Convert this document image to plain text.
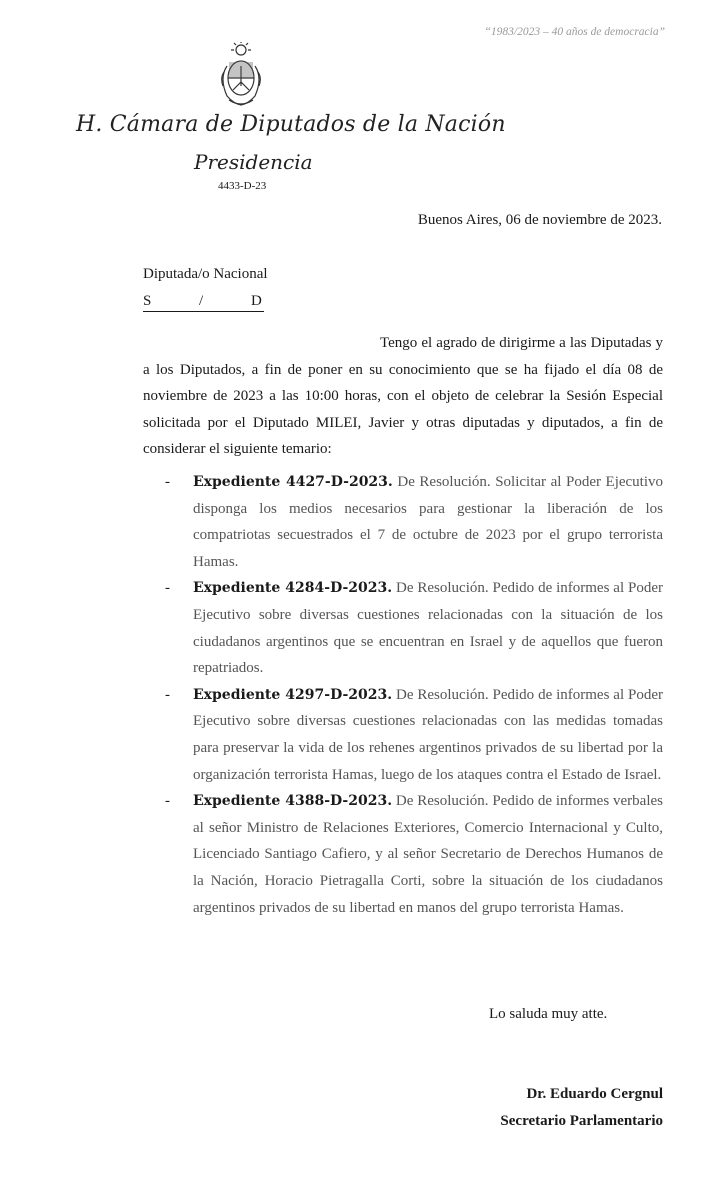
“1983/2023 – 40 años de democracia”
H. Cámara de Diputados de la Nación
Presidencia
4433-D-23
Buenos Aires, 06 de noviembre de 2023.
Diputada/o Nacional
S	/	D
Tengo el agrado de dirigirme a las Diputadas y a los Diputados, a fin de poner en su conocimiento que se ha fijado el día 08 de noviembre de 2023 a las 10:00 horas, con el objeto de celebrar la Sesión Especial solicitada por el Diputado MILEI, Javier y otras diputadas y diputados, a fin de considerar el siguiente temario:
- Expediente 4427-D-2023. De Resolución. Solicitar al Poder Ejecutivo disponga los medios necesarios para gestionar la liberación de los compatriotas secuestrados el 7 de octubre de 2023 por el grupo terrorista Hamas.
- Expediente 4284-D-2023. De Resolución. Pedido de informes al Poder Ejecutivo sobre diversas cuestiones relacionadas con la situación de los ciudadanos argentinos que se encuentran en Israel y de aquellos que fueron repatriados.
- Expediente 4297-D-2023. De Resolución. Pedido de informes al Poder Ejecutivo sobre diversas cuestiones relacionadas con las medidas tomadas para preservar la vida de los rehenes argentinos privados de su libertad por la organización terrorista Hamas, luego de los ataques contra el Estado de Israel.
- Expediente 4388-D-2023. De Resolución. Pedido de informes verbales al señor Ministro de Relaciones Exteriores, Comercio Internacional y Culto, Licenciado Santiago Cafiero, y al señor Secretario de Derechos Humanos de la Nación, Horacio Pietragalla Corti, sobre la situación de los ciudadanos argentinos privados de su libertad en manos del grupo terrorista Hamas.
Lo saluda muy atte.
Dr. Eduardo Cergnul
Secretario Parlamentario
